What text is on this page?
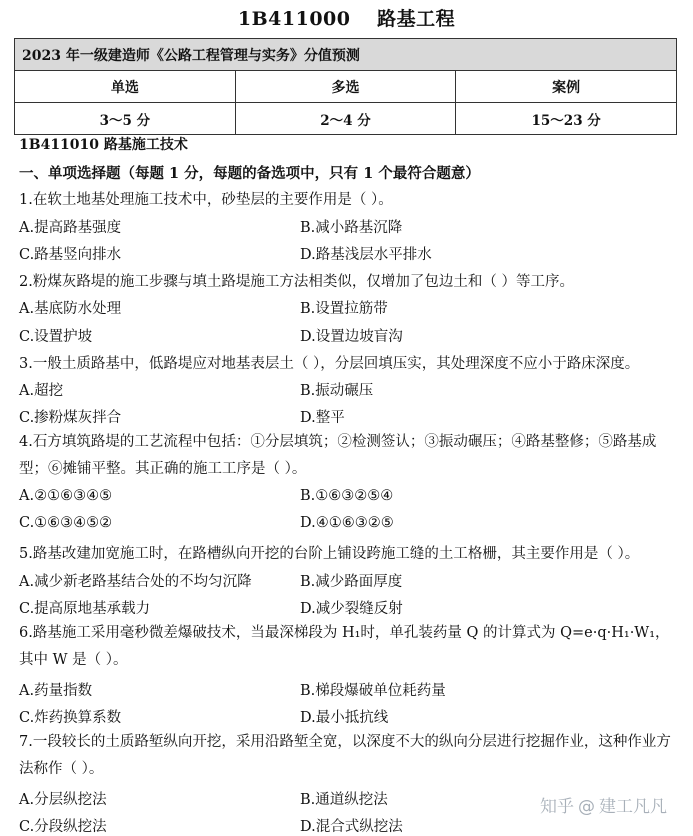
1B411000　 路基工程
2023 年一级建造师《公路工程管理与实务》分值预测		
单选	多选	案例
3～5 分	2～4 分	15～23 分
1B411010 路基施工技术
一、单项选择题（每题 1 分，每题的备选项中，只有 1 个最符合题意）
1.在软土地基处理施工技术中，砂垫层的主要作用是（ ）。
A.提高路基强度	B.减小路基沉降
C.路基竖向排水	D.路基浅层水平排水
2.粉煤灰路堤的施工步骤与填土路堤施工方法相类似，仅增加了包边土和（ ）等工序。
A.基底防水处理	B.设置拉筋带
C.设置护坡	D.设置边坡盲沟
3.一般土质路基中，低路堤应对地基表层土（ ），分层回填压实，其处理深度不应小于路床深度。
A.超挖	B.振动碾压
C.掺粉煤灰拌合	D.整平
4.石方填筑路堤的工艺流程中包括：①分层填筑；②检测签认；③振动碾压；④路基整修；⑤路基成型；⑥摊铺平整。其正确的施工工序是（ ）。
A.②①⑥③④⑤	B.①⑥③②⑤④
C.①⑥③④⑤②	D.④①⑥③②⑤
5.路基改建加宽施工时，在路槽纵向开挖的台阶上铺设跨施工缝的土工格栅，其主要作用是（ ）。
A.减少新老路基结合处的不均匀沉降	B.减少路面厚度
C.提高原地基承载力	D.减少裂缝反射
6.路基施工采用毫秒微差爆破技术，当最深梯段为 H₁时，单孔装药量 Q 的计算式为 Q=e·q·H₁·W₁，其中 W 是（ ）。
A.药量指数	B.梯段爆破单位耗药量
C.炸药换算系数	D.最小抵抗线
7.一段较长的土质路堑纵向开挖，采用沿路堑全宽，以深度不大的纵向分层进行挖掘作业，这种作业方法称作（ ）。
A.分层纵挖法	B.通道纵挖法
C.分段纵挖法	D.混合式纵挖法
知乎 @ 建工凡凡
